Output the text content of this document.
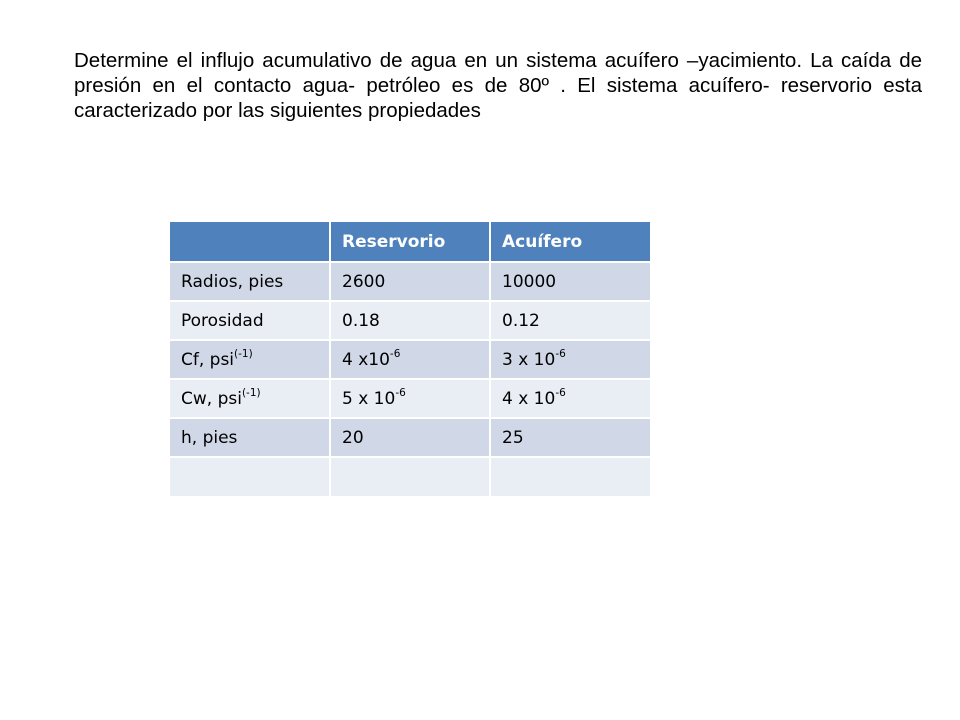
Determine el influjo acumulativo de agua en un sistema acuífero –yacimiento. La caída de presión en el contacto agua- petróleo es de 80º . El sistema acuífero- reservorio esta caracterizado por las siguientes propiedades

	Reservorio	Acuífero
Radios, pies	2600	10000
Porosidad	0.18	0.12
Cf, psi$^{(-1)}$	4 $x10^{-6}$	3 x $10^{-6}$
Cw, psi$^{(-1)}$	5 x $10^{-6}$	4 x $10^{-6}$
h, pies	20	25
